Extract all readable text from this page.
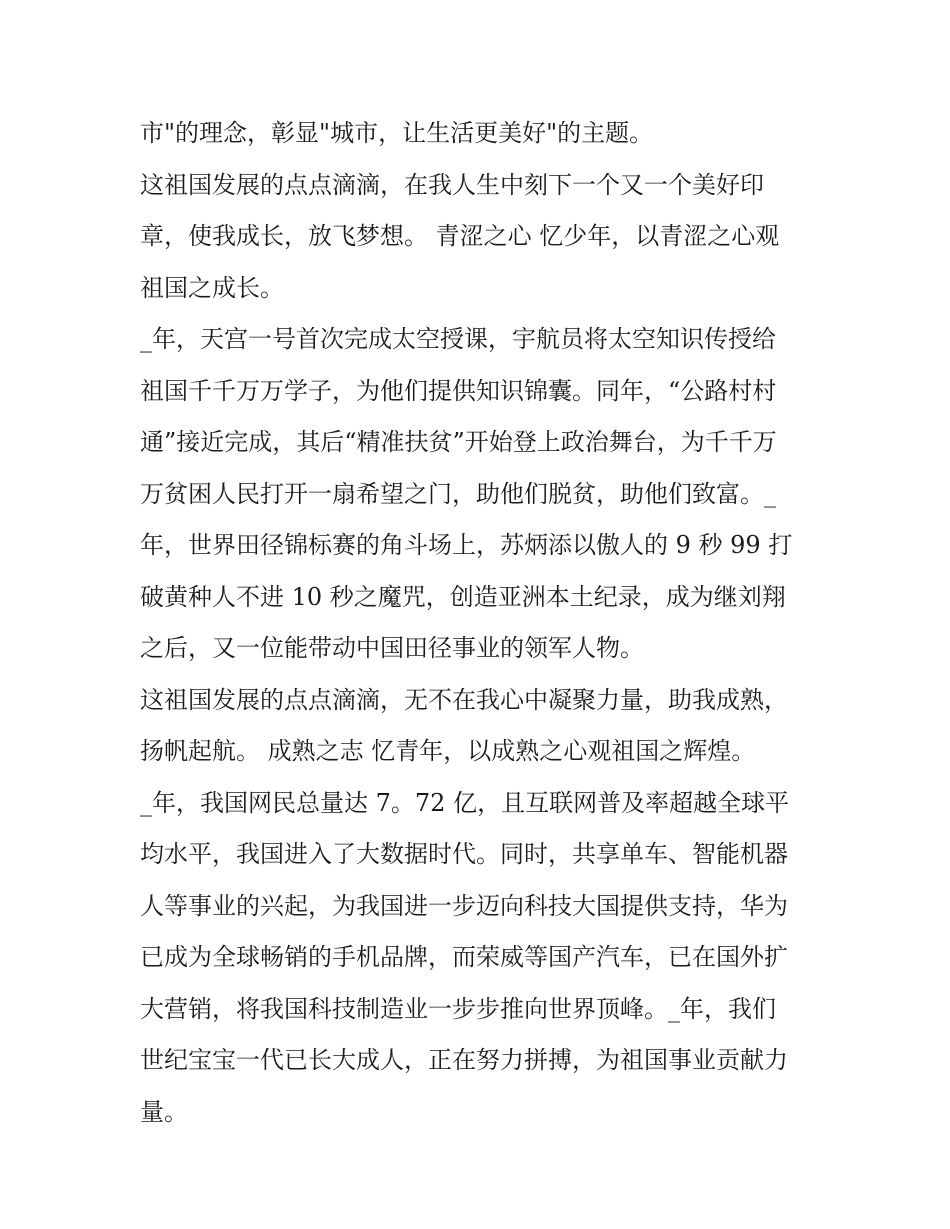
市"的理念，彰显"城市，让生活更美好"的主题。
这祖国发展的点点滴滴，在我人生中刻下一个又一个美好印
章，使我成长，放飞梦想。 青涩之心 忆少年，以青涩之心观
祖国之成长。
_年，天宫一号首次完成太空授课，宇航员将太空知识传授给
祖国千千万万学子，为他们提供知识锦囊。同年，“公路村村
通”接近完成，其后“精准扶贫”开始登上政治舞台，为千千万
万贫困人民打开一扇希望之门，助他们脱贫，助他们致富。_
年，世界田径锦标赛的角斗场上，苏炳添以傲人的 9 秒 99 打
破黄种人不进 10 秒之魔咒，创造亚洲本土纪录，成为继刘翔
之后，又一位能带动中国田径事业的领军人物。
这祖国发展的点点滴滴，无不在我心中凝聚力量，助我成熟，
扬帆起航。 成熟之志 忆青年，以成熟之心观祖国之辉煌。
_年，我国网民总量达 7。72 亿，且互联网普及率超越全球平
均水平，我国进入了大数据时代。同时，共享单车、智能机器
人等事业的兴起，为我国进一步迈向科技大国提供支持，华为
已成为全球畅销的手机品牌，而荣威等国产汽车，已在国外扩
大营销，将我国科技制造业一步步推向世界顶峰。_年，我们
世纪宝宝一代已长大成人，正在努力拼搏，为祖国事业贡献力
量。
